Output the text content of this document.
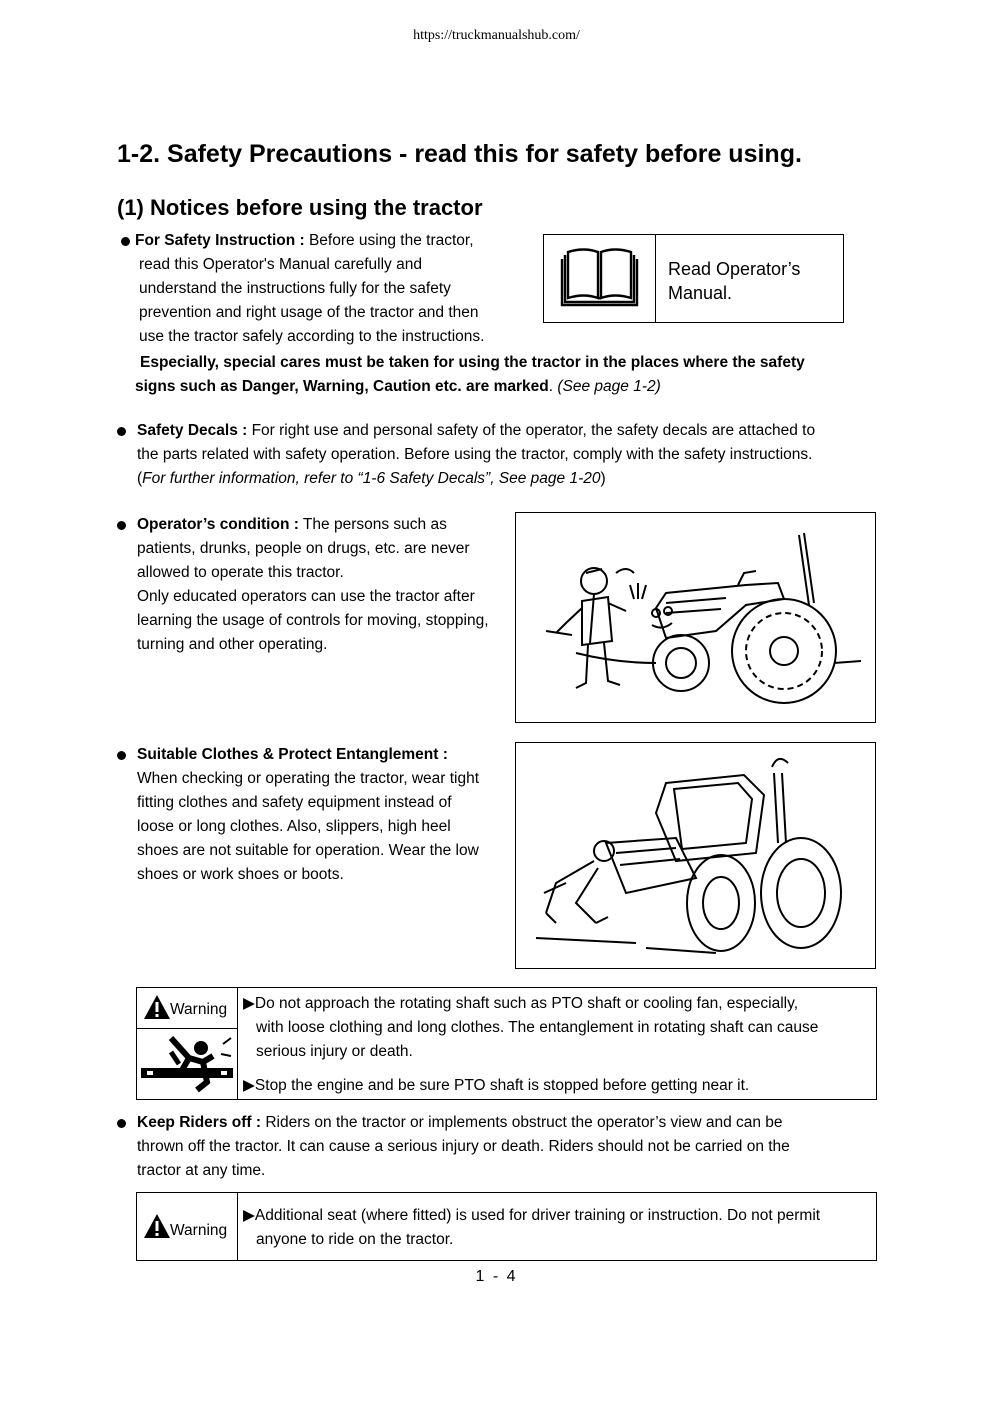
https://truckmanualshub.com/
1-2. Safety Precautions - read this for safety before using.
(1) Notices before using the tractor
For Safety Instruction : Before using the tractor,
read this Operator's Manual carefully and
understand the instructions fully for the safety
prevention and right usage of the tractor and then
use the tractor safely according to the instructions.
Especially, special cares must be taken for using the tractor in the places where the safety
signs such as Danger, Warning, Caution etc. are marked. (See page 1-2)
Read Operator’s
Manual.
Safety Decals : For right use and personal safety of the operator, the safety decals are attached to
the parts related with safety operation. Before using the tractor, comply with the safety instructions.
(For further information, refer to “1-6 Safety Decals”, See page 1-20)
Operator’s condition : The persons such as
patients, drunks, people on drugs, etc. are never
allowed to operate this tractor.
Only educated operators can use the tractor after
learning the usage of controls for moving, stopping,
turning and other operating.
Suitable Clothes & Protect Entanglement :
When checking or operating the tractor, wear tight
fitting clothes and safety equipment instead of
loose or long clothes. Also, slippers, high heel
shoes are not suitable for operation. Wear the low
shoes or work shoes or boots.
Warning ▶Do not approach the rotating shaft such as PTO shaft or cooling fan, especially,
with loose clothing and long clothes. The entanglement in rotating shaft can cause
serious injury or death.
▶Stop the engine and be sure PTO shaft is stopped before getting near it.
Keep Riders off : Riders on the tractor or implements obstruct the operator’s view and can be
thrown off the tractor. It can cause a serious injury or death. Riders should not be carried on the
tractor at any time.
Warning
▶Additional seat (where fitted) is used for driver training or instruction. Do not permit
anyone to ride on the tractor.
1 - 4
